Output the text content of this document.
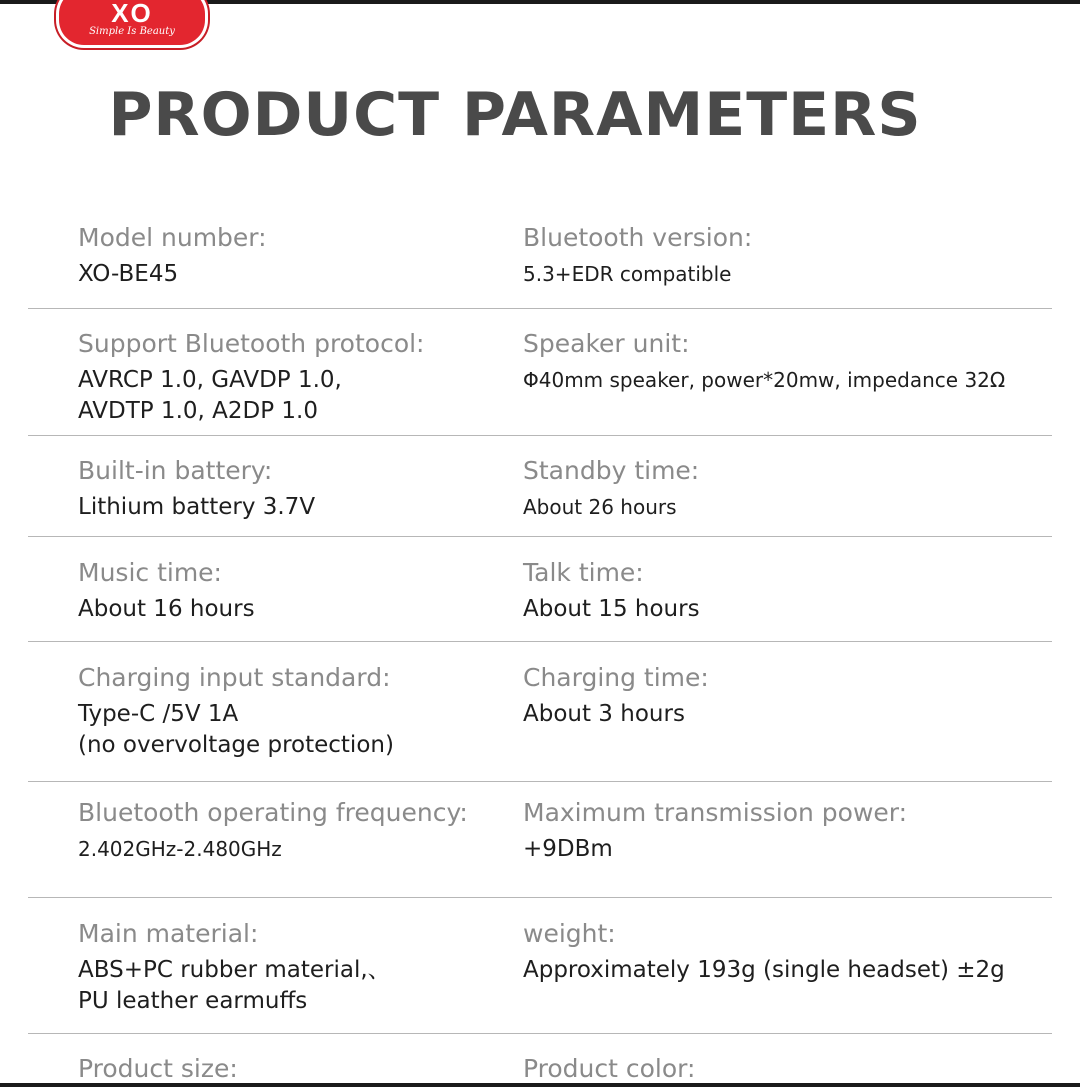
XO
Simple Is Beauty
PRODUCT PARAMETERS
Model number:
XO-BE45
Bluetooth version:
5.3+EDR compatible
Support Bluetooth protocol:
AVRCP 1.0, GAVDP 1.0,
AVDTP 1.0, A2DP 1.0
Speaker unit:
Φ40mm speaker, power*20mw, impedance 32Ω
Built-in battery:
Lithium battery 3.7V
Standby time:
About 26 hours
Music time:
About 16 hours
Talk time:
About 15 hours
Charging input standard:
Type-C /5V 1A
(no overvoltage protection)
Charging time:
About 3 hours
Bluetooth operating frequency:
2.402GHz-2.480GHz
Maximum transmission power:
+9DBm
Main material:
ABS+PC rubber material,、
PU leather earmuffs
weight:
Approximately 193g (single headset) ±2g
Product size:	Product color:
